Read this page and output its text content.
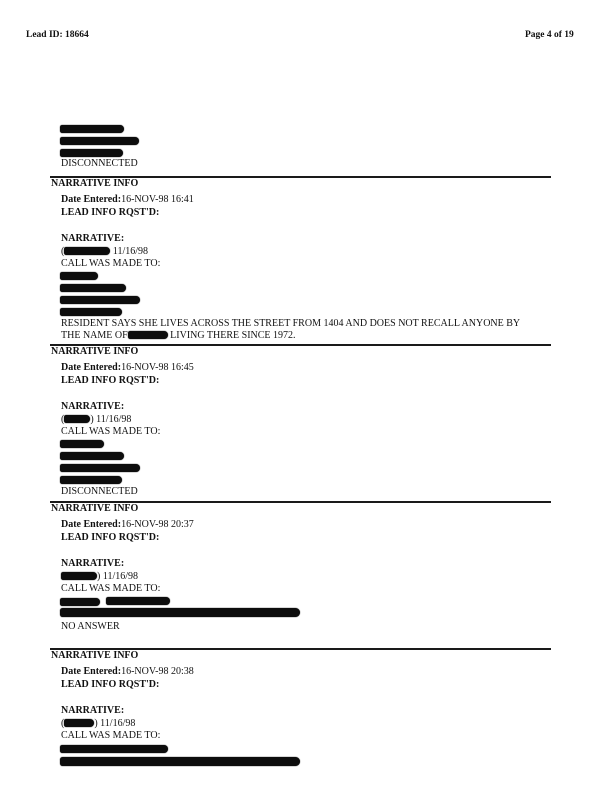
Lead ID: 18664	Page 4 of 19
DISCONNECTED
NARRATIVE INFO
Date Entered:16-NOV-98 16:41
LEAD INFO RQST'D:
NARRATIVE:
(	11/16/98
CALL WAS MADE TO:
RESIDENT SAYS SHE LIVES ACROSS THE STREET FROM 1404 AND DOES NOT RECALL ANYONE BY
THE NAME OF	LIVING THERE SINCE 1972.
NARRATIVE INFO
Date Entered:16-NOV-98 16:45
LEAD INFO RQST'D:
NARRATIVE:
(	) 11/16/98
CALL WAS MADE TO:
DISCONNECTED
NARRATIVE INFO
Date Entered:16-NOV-98 20:37
LEAD INFO RQST'D:
NARRATIVE:
) 11/16/98
CALL WAS MADE TO:
NO ANSWER
NARRATIVE INFO
Date Entered:16-NOV-98 20:38
LEAD INFO RQST'D:
NARRATIVE:
(	) 11/16/98
CALL WAS MADE TO:
